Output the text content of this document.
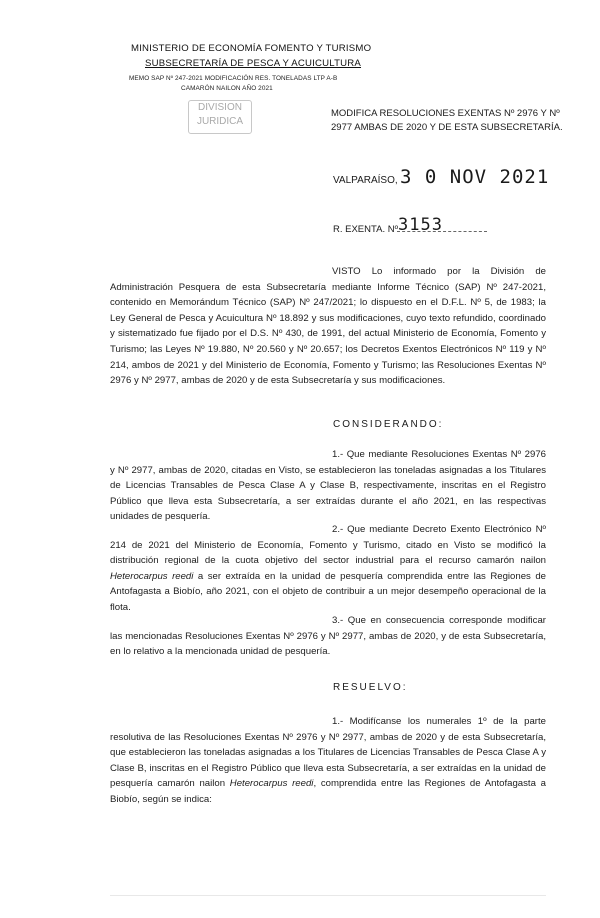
MINISTERIO DE ECONOMÍA FOMENTO Y TURISMO
SUBSECRETARÍA DE PESCA Y ACUICULTURA
MEMO SAP Nº 247-2021 MODIFICACIÓN RES. TONELADAS LTP A-B
CAMARÓN NAILON AÑO 2021
DIVISION
JURIDICA
MODIFICA RESOLUCIONES EXENTAS Nº 2976 Y Nº 2977 AMBAS DE 2020 Y DE ESTA SUBSECRETARÍA.
VALPARAÍSO, 3 0 NOV 2021
R. EXENTA. Nº 3153
VISTO Lo informado por la División de Administración Pesquera de esta Subsecretaría mediante Informe Técnico (SAP) Nº 247-2021, contenido en Memorándum Técnico (SAP) Nº 247/2021; lo dispuesto en el D.F.L. Nº 5, de 1983; la Ley General de Pesca y Acuicultura Nº 18.892 y sus modificaciones, cuyo texto refundido, coordinado y sistematizado fue fijado por el D.S. Nº 430, de 1991, del actual Ministerio de Economía, Fomento y Turismo; las Leyes Nº 19.880, Nº 20.560 y Nº 20.657; los Decretos Exentos Electrónicos Nº 119 y Nº 214, ambos de 2021 y del Ministerio de Economía, Fomento y Turismo; las Resoluciones Exentas Nº 2976 y Nº 2977, ambas de 2020 y de esta Subsecretaría y sus modificaciones.
CONSIDERANDO:
1.- Que mediante Resoluciones Exentas Nº 2976 y Nº 2977, ambas de 2020, citadas en Visto, se establecieron las toneladas asignadas a los Titulares de Licencias Transables de Pesca Clase A y Clase B, respectivamente, inscritas en el Registro Público que lleva esta Subsecretaría, a ser extraídas durante el año 2021, en las respectivas unidades de pesquería.
2.- Que mediante Decreto Exento Electrónico Nº 214 de 2021 del Ministerio de Economía, Fomento y Turismo, citado en Visto se modificó la distribución regional de la cuota objetivo del sector industrial para el recurso camarón nailon Heterocarpus reedi a ser extraída en la unidad de pesquería comprendida entre las Regiones de Antofagasta a Biobío, año 2021, con el objeto de contribuir a un mejor desempeño operacional de la flota.
3.- Que en consecuencia corresponde modificar las mencionadas Resoluciones Exentas Nº 2976 y Nº 2977, ambas de 2020, y de esta Subsecretaría, en lo relativo a la mencionada unidad de pesquería.
RESUELVO:
1.- Modifícanse los numerales 1º de la parte resolutiva de las Resoluciones Exentas Nº 2976 y Nº 2977, ambas de 2020 y de esta Subsecretaría, que establecieron las toneladas asignadas a los Titulares de Licencias Transables de Pesca Clase A y Clase B, inscritas en el Registro Público que lleva esta Subsecretaría, a ser extraídas en la unidad de pesquería camarón nailon Heterocarpus reedi, comprendida entre las Regiones de Antofagasta a Biobío, según se indica:
